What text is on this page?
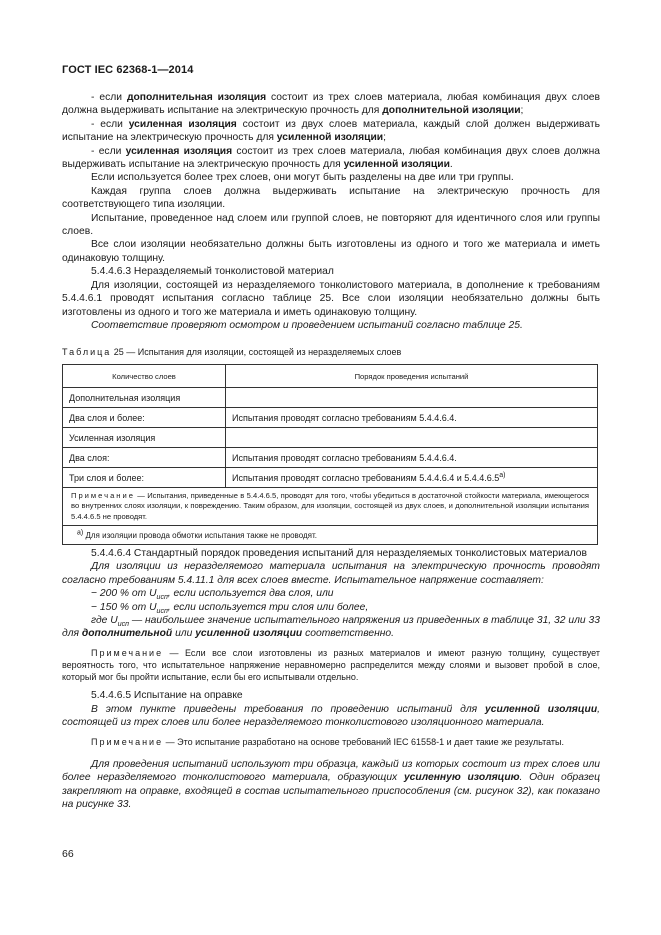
ГОСТ IEC 62368-1—2014

- если дополнительная изоляция состоит из трех слоев материала, любая комбинация двух слоев должна выдерживать испытание на электрическую прочность для дополнительной изоляции;

- если усиленная изоляция состоит из двух слоев материала, каждый слой должен выдерживать испытание на электрическую прочность для усиленной изоляции;

- если усиленная изоляция состоит из трех слоев материала, любая комбинация двух слоев должна выдерживать испытание на электрическую прочность для усиленной изоляции.

Если используется более трех слоев, они могут быть разделены на две или три группы.

Каждая группа слоев должна выдерживать испытание на электрическую прочность для соответствующего типа изоляции.

Испытание, проведенное над слоем или группой слоев, не повторяют для идентичного слоя или группы слоев.

Все слои изоляции необязательно должны быть изготовлены из одного и того же материала и иметь одинаковую толщину.

5.4.4.6.3 Неразделяемый тонколистовой материал

Для изоляции, состоящей из неразделяемого тонколистового материала, в дополнение к требованиям 5.4.4.6.1 проводят испытания согласно таблице 25. Все слои изоляции необязательно должны быть изготовлены из одного и того же материала и иметь одинаковую толщину.

Соответствие проверяют осмотром и проведением испытаний согласно таблице 25.

Таблица 25 — Испытания для изоляции, состоящей из неразделяемых слоев
Количество слоев	Порядок проведения испытаний
Дополнительная изоляция	
Два слоя и более:	Испытания проводят согласно требованиям 5.4.4.6.4.
Усиленная изоляция	
Два слоя:	Испытания проводят согласно требованиям 5.4.4.6.4.
Три слоя и более:	Испытания проводят согласно требованиям 5.4.4.6.4 и 5.4.4.6.5$^{a)}$
Примечание — Испытания, приведенные в 5.4.4.6.5, проводят для того, чтобы убедиться в достаточной стойкости материала, имеющегося во внутренних слоях изоляции, к повреждению. Таким образом, для изоляции, состоящей из двух слоев, и дополнительной изоляции испытания 5.4.4.6.5 не проводят.	
$^{a)}$ Для изоляции провода обмотки испытания также не проводят.	

5.4.4.6.4 Стандартный порядок проведения испытаний для неразделяемых тонколистовых материалов

Для изоляции из неразделяемого материала испытания на электрическую прочность проводят согласно требованиям 5.4.11.1 для всех слоев вместе. Испытательное напряжение составляет:

− 200 % от $U_{исп}$, если используется два слоя, или

− 150 % от $U_{исп}$, если используется три слоя или более,

где $U_{исп}$ — наибольшее значение испытательного напряжения из приведенных в таблице 31, 32 или 33 для дополнительной или усиленной изоляции соответственно.

Примечание — Если все слои изготовлены из разных материалов и имеют разную толщину, существует вероятность того, что испытательное напряжение неравномерно распределится между слоями и вызовет пробой в слое, который мог бы пройти испытание, если бы его испытывали отдельно.

5.4.4.6.5 Испытание на оправке

В этом пункте приведены требования по проведению испытаний для усиленной изоляции, состоящей из трех слоев или более неразделяемого тонколистового изоляционного материала.

Примечание — Это испытание разработано на основе требований IEC 61558-1 и дает такие же результаты.

Для проведения испытаний используют три образца, каждый из которых состоит из трех слоев или более неразделяемого тонколистового материала, образующих усиленную изоляцию. Один образец закрепляют на оправке, входящей в состав испытательного приспособления (см. рисунок 32), как показано на рисунке 33.

66
